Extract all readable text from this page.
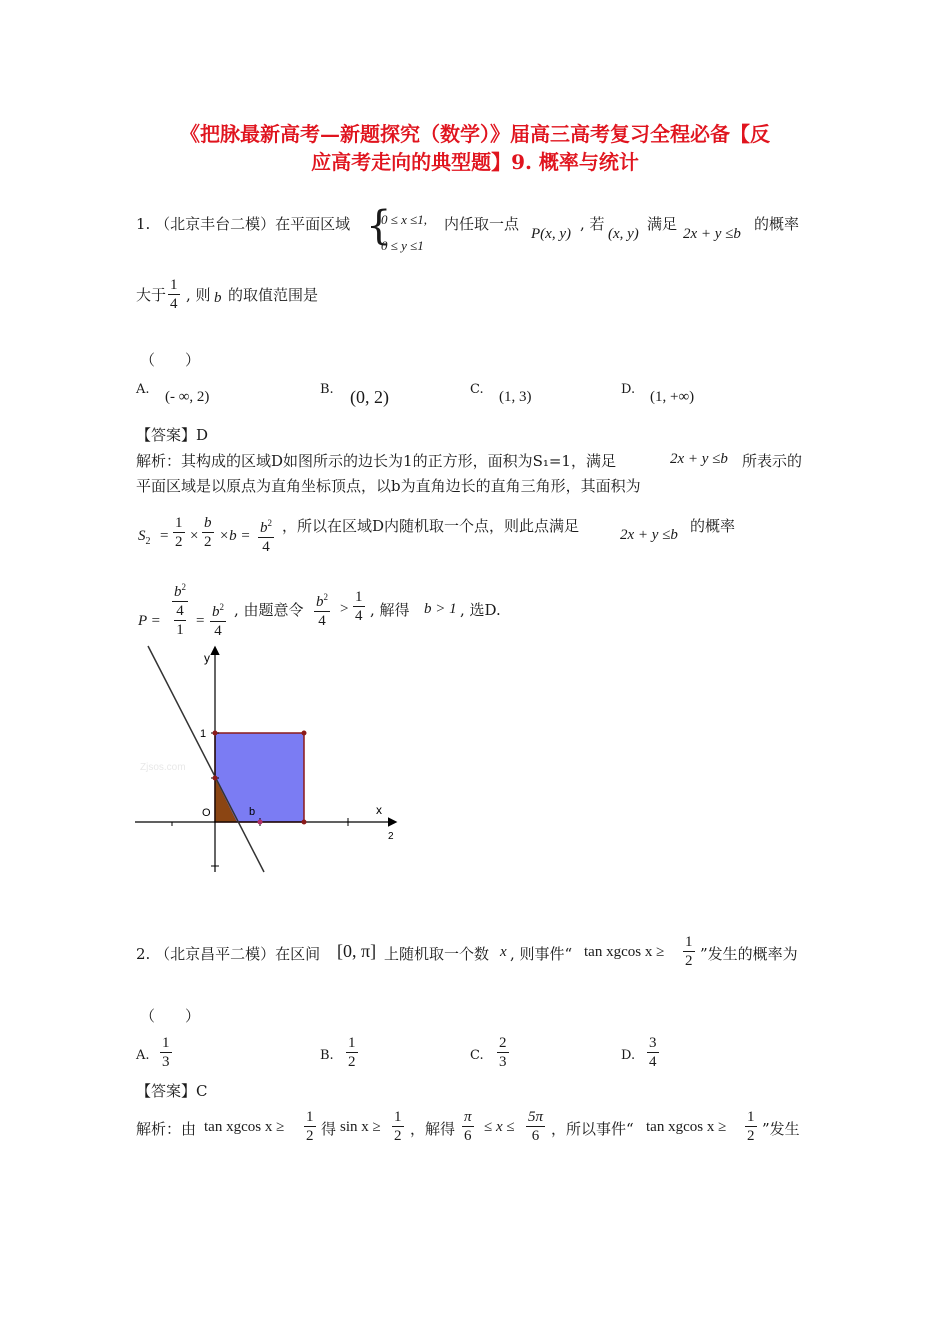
《把脉最新高考—新题探究（数学）》届高三高考复习全程必备【反
应高考走向的典型题】9. 概率与统计
1. （北京丰台二模）在平面区域 {
0 ≤ x ≤1,
0 ≤ y ≤1
内任取一点
P(x, y)
, 若
(x, y)
满足
2x + y ≤b
的概率
大于 $\frac{1}{4}$ , 则 b 的取值范围是
（　　）
A. (- ∞, 2)	B. (0, 2)	C. (1, 3)	D. (1, +∞)
【答案】D
解析：其构成的区域D如图所示的边长为1的正方形，面积为S₁=1，满足	2x + y ≤b 所表示的
平面区域是以原点为直角坐标顶点，以b为直角边长的直角三角形，其面积为
$S_2 = \frac{1}{2} \times \frac{b}{2} \times b = \frac{b^2}{4}$ ，所以在区域D内随机取一个点，则此点满足	2x + y ≤b 的概率
P =
$b^2$
4
1
= $\frac{b^2}{4}$ , 由题意令 $\frac{b^2}{4} > \frac{1}{4}$ , 解得 b > 1 , 选D.
Zjsos.com
y
x
1
O	b
2
2. （北京昌平二模）在区间 [0, π] 上随机取一个数 x , 则事件“ tan xgcos $x \ge \frac{1}{2}$ ”发生的概率为
（　　）
A. $\frac{1}{3}$	B. $\frac{1}{2}$	C. $\frac{2}{3}$	D. $\frac{3}{4}$
【答案】C
解析：由 tan xgcos $x \ge \frac{1}{2}$ 得 $\sin x \ge \frac{1}{2}$ ，解得 $\frac{\pi}{6} \le x \le \frac{5\pi}{6}$ ，所以事件“ tan xgcos $x \ge \frac{1}{2}$ ”发生
